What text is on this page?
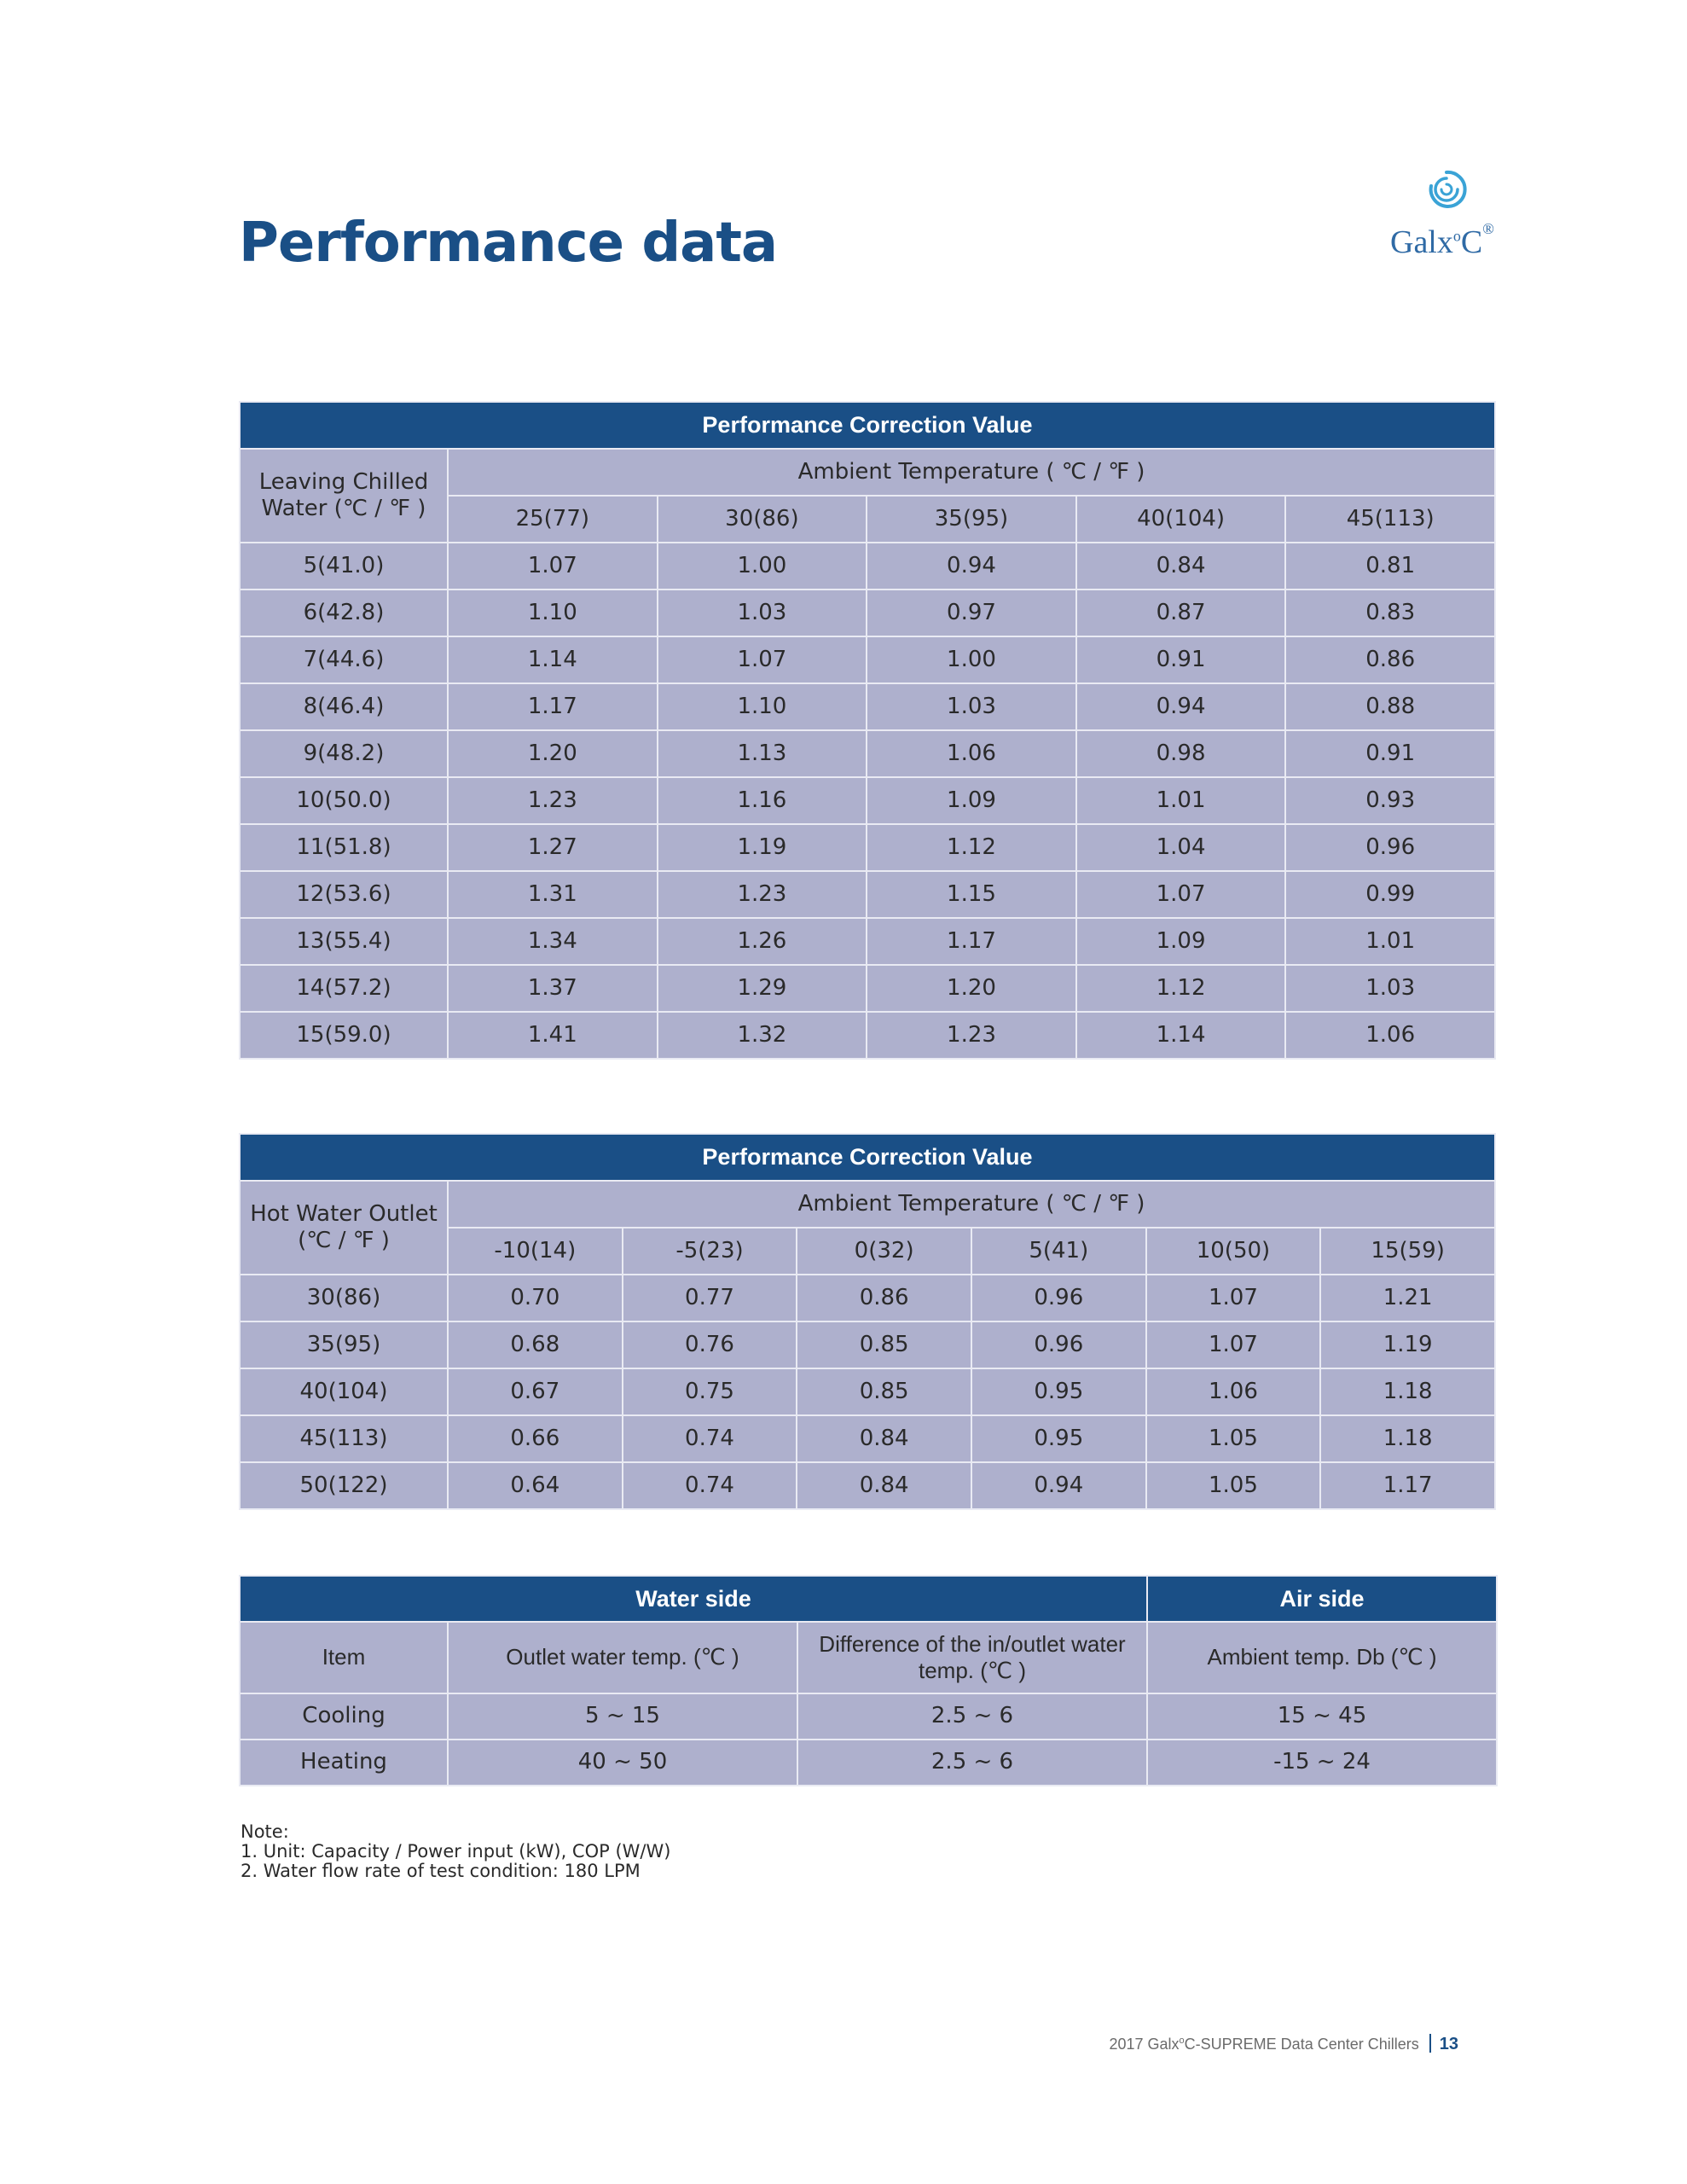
Performance data	Galx$^o$C®
Performance Correction Value					
Leaving Chilled Water (℃ / ℉ )	Ambient Temperature ( ℃ / ℉ )				
	25(77)	30(86)	35(95)	40(104)	45(113)
5(41.0)	1.07	1.00	0.94	0.84	0.81
6(42.8)	1.10	1.03	0.97	0.87	0.83
7(44.6)	1.14	1.07	1.00	0.91	0.86
8(46.4)	1.17	1.10	1.03	0.94	0.88
9(48.2)	1.20	1.13	1.06	0.98	0.91
10(50.0)	1.23	1.16	1.09	1.01	0.93
11(51.8)	1.27	1.19	1.12	1.04	0.96
12(53.6)	1.31	1.23	1.15	1.07	0.99
13(55.4)	1.34	1.26	1.17	1.09	1.01
14(57.2)	1.37	1.29	1.20	1.12	1.03
15(59.0)	1.41	1.32	1.23	1.14	1.06
Performance Correction Value						
Hot Water Outlet (℃ / ℉ )	Ambient Temperature ( ℃ / ℉ )					
	-10(14)	-5(23)	0(32)	5(41)	10(50)	15(59)
30(86)	0.70	0.77	0.86	0.96	1.07	1.21
35(95)	0.68	0.76	0.85	0.96	1.07	1.19
40(104)	0.67	0.75	0.85	0.95	1.06	1.18
45(113)	0.66	0.74	0.84	0.95	1.05	1.18
50(122)	0.64	0.74	0.84	0.94	1.05	1.17
Water side			Air side
Item	Outlet water temp. (℃ )	Difference of the in/outlet water temp. (℃ )	Ambient temp. Db (℃ )
Cooling	5 ~ 15	2.5 ~ 6	15 ~ 45
Heating	40 ~ 50	2.5 ~ 6	-15 ~ 24
Note:
1. Unit: Capacity / Power input (kW), COP (W/W)
2. Water flow rate of test condition: 180 LPM
2017 Galx$^o$C-SUPREME Data Center Chillers 13
